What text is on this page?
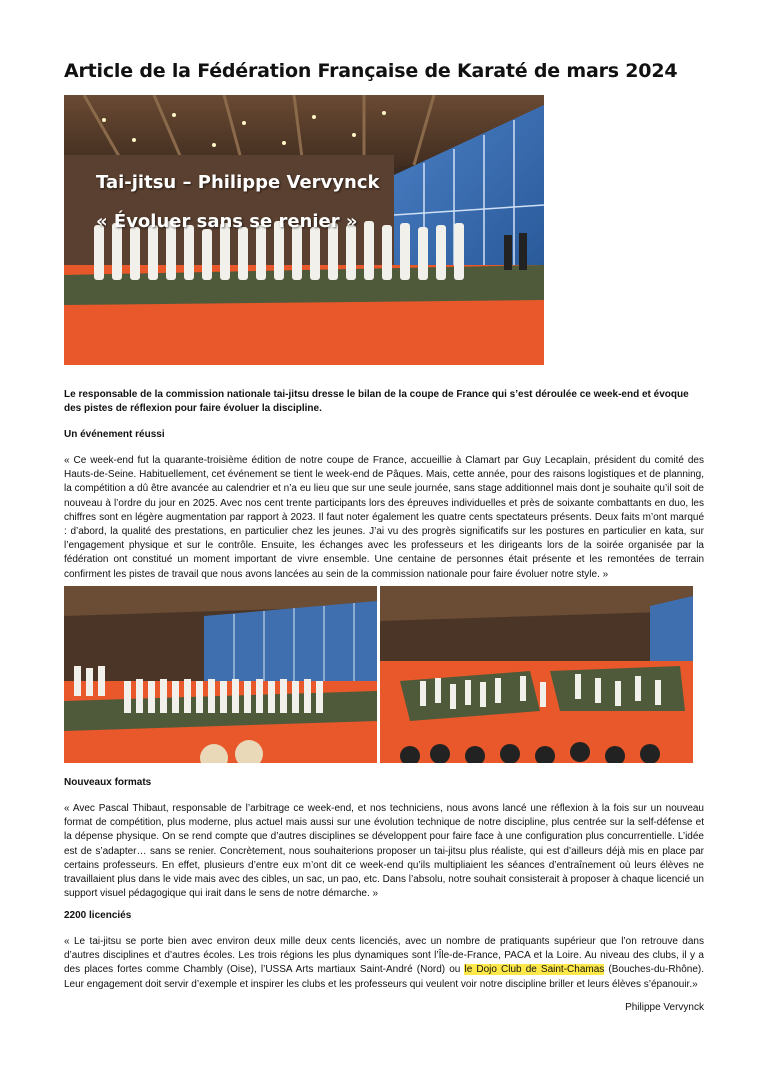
Article de la Fédération Française de Karaté de mars 2024
Tai-jitsu – Philippe Vervynck
« Évoluer sans se renier »

Le responsable de la commission nationale tai-jitsu dresse le bilan de la coupe de France qui s’est déroulée ce week-end et évoque des pistes de réflexion pour faire évoluer la discipline.

Un événement réussi

« Ce week-end fut la quarante-troisième édition de notre coupe de France, accueillie à Clamart par Guy Lecaplain, président du comité des Hauts-de-Seine. Habituellement, cet événement se tient le week-end de Pâques. Mais, cette année, pour des raisons logistiques et de planning, la compétition a dû être avancée au calendrier et n’a eu lieu que sur une seule journée, sans stage additionnel mais dont je souhaite qu’il soit de nouveau à l’ordre du jour en 2025. Avec nos cent trente participants lors des épreuves individuelles et près de soixante combattants en duo, les chiffres sont en légère augmentation par rapport à 2023. Il faut noter également les quatre cents spectateurs présents. Deux faits m’ont marqué : d’abord, la qualité des prestations, en particulier chez les jeunes. J’ai vu des progrès significatifs sur les postures en particulier en kata, sur l’engagement physique et sur le contrôle. Ensuite, les échanges avec les professeurs et les dirigeants lors de la soirée organisée par la fédération ont constitué un moment important de vivre ensemble. Une centaine de personnes était présente et les remontées de terrain confirment les pistes de travail que nous avons lancées au sein de la commission nationale pour faire évoluer notre style. »

Nouveaux formats

« Avec Pascal Thibaut, responsable de l’arbitrage ce week-end, et nos techniciens, nous avons lancé une réflexion à la fois sur un nouveau format de compétition, plus moderne, plus actuel mais aussi sur une évolution technique de notre discipline, plus centrée sur la self-défense et la dépense physique. On se rend compte que d’autres disciplines se développent pour faire face à une configuration plus concurrentielle. L’idée est de s’adapter… sans se renier. Concrètement, nous souhaiterions proposer un tai-jitsu plus réaliste, qui est d’ailleurs déjà mis en place par certains professeurs. En effet, plusieurs d’entre eux m’ont dit ce week-end qu’ils multipliaient les séances d’entraînement où leurs élèves ne travaillaient plus dans le vide mais avec des cibles, un sac, un pao, etc. Dans l’absolu, notre souhait consisterait à proposer à chaque licencié un support visuel pédagogique qui irait dans le sens de notre démarche. »

2200 licenciés

« Le tai-jitsu se porte bien avec environ deux mille deux cents licenciés, avec un nombre de pratiquants supérieur que l’on retrouve dans d’autres disciplines et d’autres écoles. Les trois régions les plus dynamiques sont l’Île-de-France, PACA et la Loire. Au niveau des clubs, il y a des places fortes comme Chambly (Oise), l’USSA Arts martiaux Saint-André (Nord) ou le Dojo Club de Saint-Chamas (Bouches-du-Rhône). Leur engagement doit servir d’exemple et inspirer les clubs et les professeurs qui veulent voir notre discipline briller et leurs élèves s’épanouir.»

Philippe Vervynck
